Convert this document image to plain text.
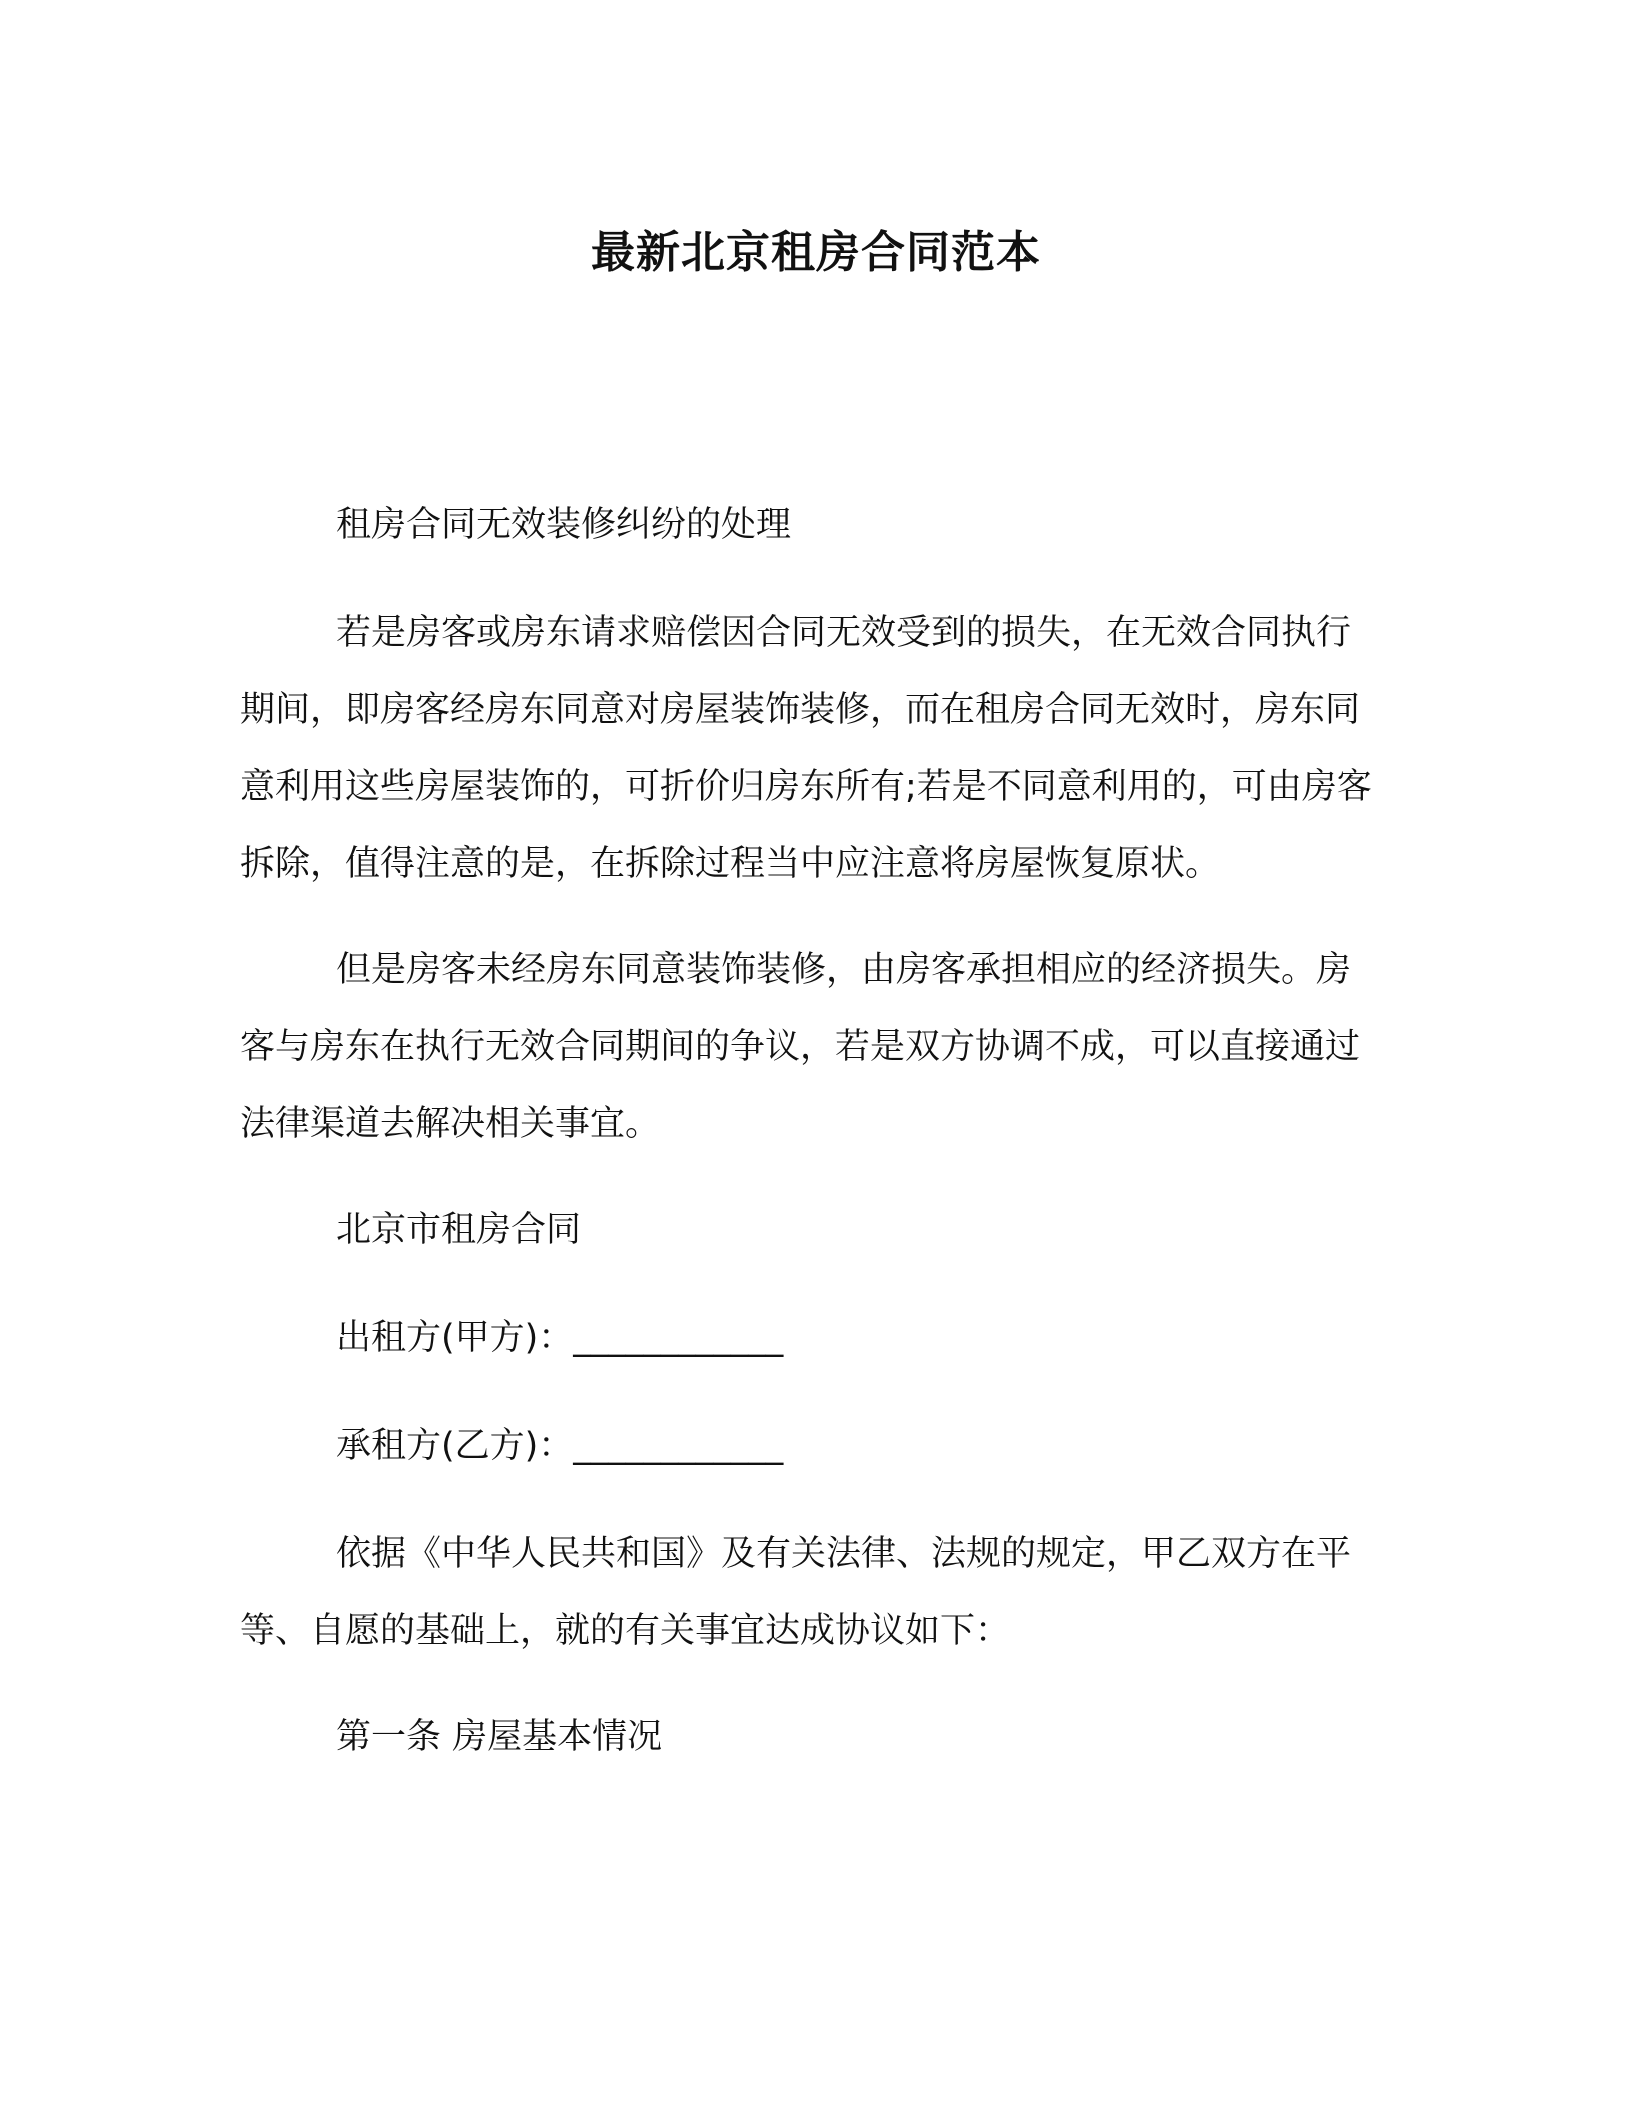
最新北京租房合同范本

租房合同无效装修纠纷的处理

若是房客或房东请求赔偿因合同无效受到的损失，在无效合同执行期间，即房客经房东同意对房屋装饰装修，而在租房合同无效时，房东同意利用这些房屋装饰的，可折价归房东所有;若是不同意利用的，可由房客拆除，值得注意的是，在拆除过程当中应注意将房屋恢复原状。

但是房客未经房东同意装饰装修，由房客承担相应的经济损失。房客与房东在执行无效合同期间的争议，若是双方协调不成，可以直接通过法律渠道去解决相关事宜。

北京市租房合同

出租方(甲方)：____________

承租方(乙方)：____________

依据《中华人民共和国》及有关法律、法规的规定，甲乙双方在平等、自愿的基础上，就的有关事宜达成协议如下：

第一条 房屋基本情况
